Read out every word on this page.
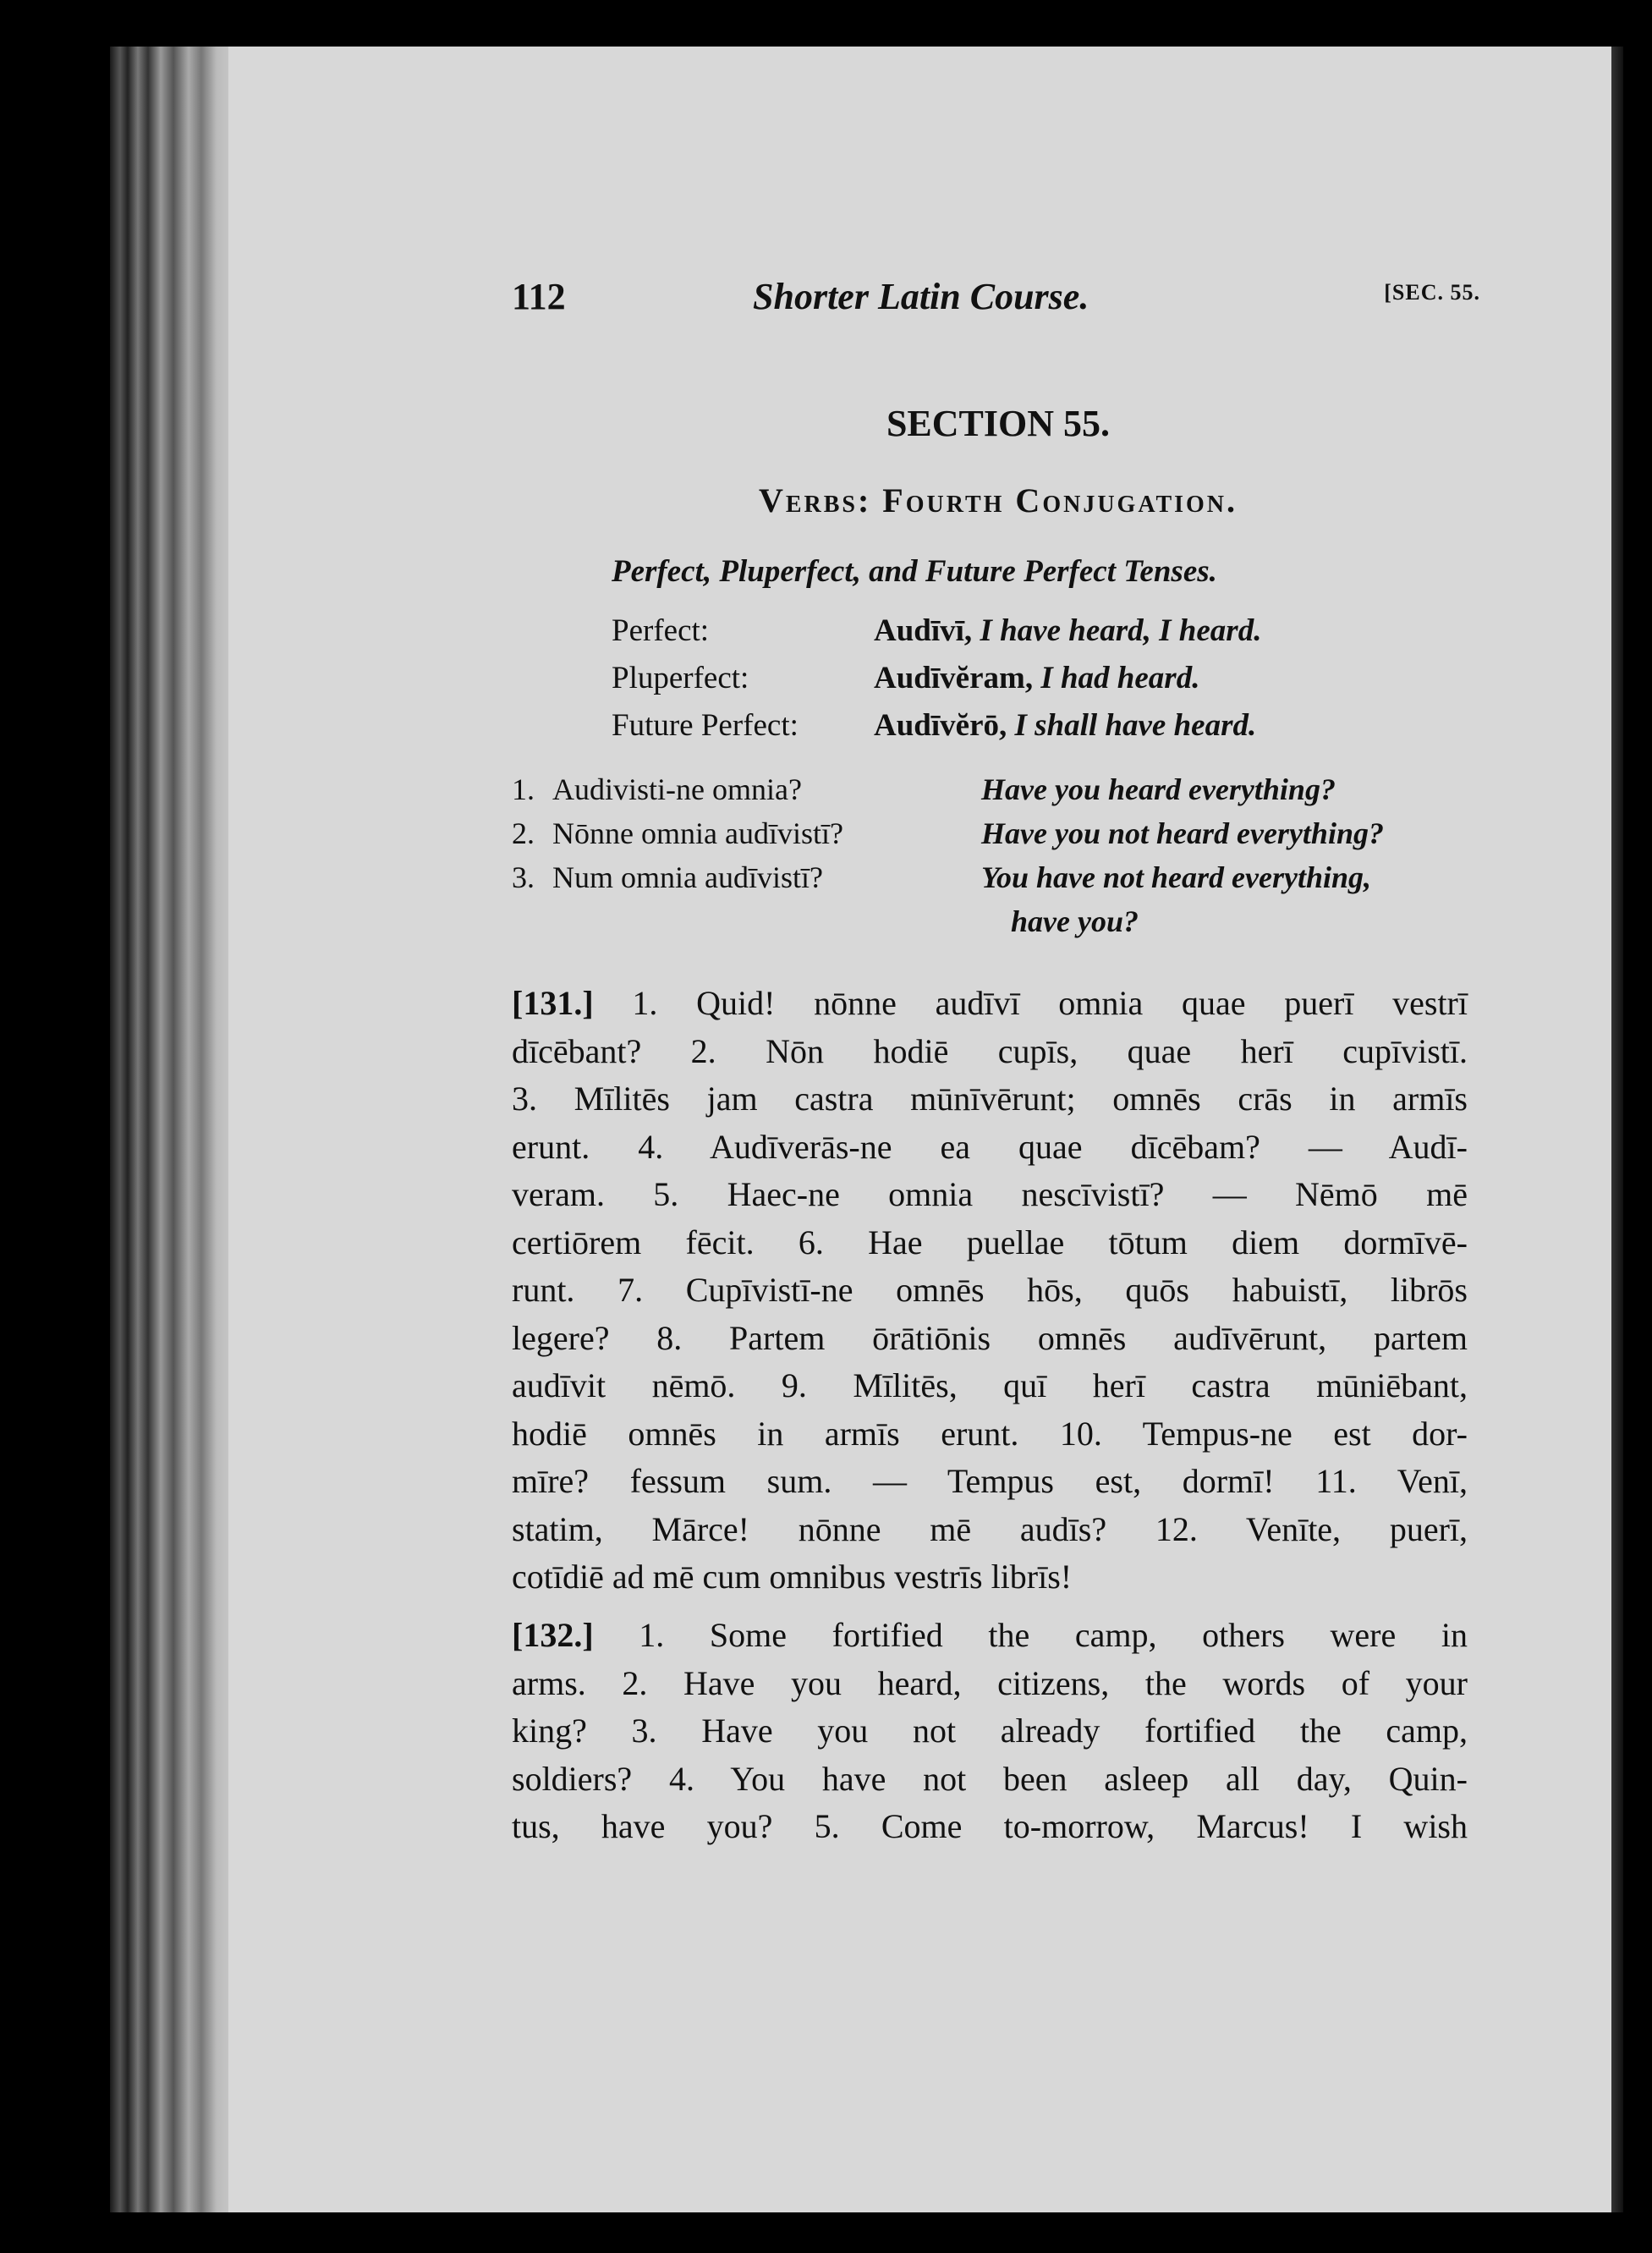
112	Shorter Latin Course.	[SEC. 55.
SECTION 55.
Verbs: Fourth Conjugation.
Perfect, Pluperfect, and Future Perfect Tenses.
Perfect:	Audīvī, I have heard, I heard.
Pluperfect:	Audīvĕram, I had heard.
Future Perfect: Audīvĕrō, I shall have heard.
1. Audivisti-ne omnia?	Have you heard everything?
2. Nōnne omnia audīvistī?	Have you not heard everything?
3. Num omnia audīvistī?	You have not heard everything,
have you?
[131.] 1. Quid! nōnne audīvī omnia quae puerī vestrī
dīcēbant? 2. Nōn hodiē cupīs, quae herī cupīvistī.
3. Mīlitēs jam castra mūnīvērunt; omnēs crās in armīs
erunt. 4. Audīverās-ne ea quae dīcēbam? — Audī-
veram. 5. Haec-ne omnia nescīvistī? — Nēmō mē
certiōrem fēcit. 6. Hae puellae tōtum diem dormīvē-
runt. 7. Cupīvistī-ne omnēs hōs, quōs habuistī, librōs
legere? 8. Partem ōrātiōnis omnēs audīvērunt, partem
audīvit nēmō. 9. Mīlitēs, quī herī castra mūniēbant,
hodiē omnēs in armīs erunt. 10. Tempus-ne est dor-
mīre? fessum sum. — Tempus est, dormī! 11. Venī,
statim, Mārce! nōnne mē audīs? 12. Venīte, puerī,
cotīdiē ad mē cum omnibus vestrīs librīs!
[132.] 1. Some fortified the camp, others were in
arms. 2. Have you heard, citizens, the words of your
king? 3. Have you not already fortified the camp,
soldiers? 4. You have not been asleep all day, Quin-
tus, have you? 5. Come to-morrow, Marcus! I wish
